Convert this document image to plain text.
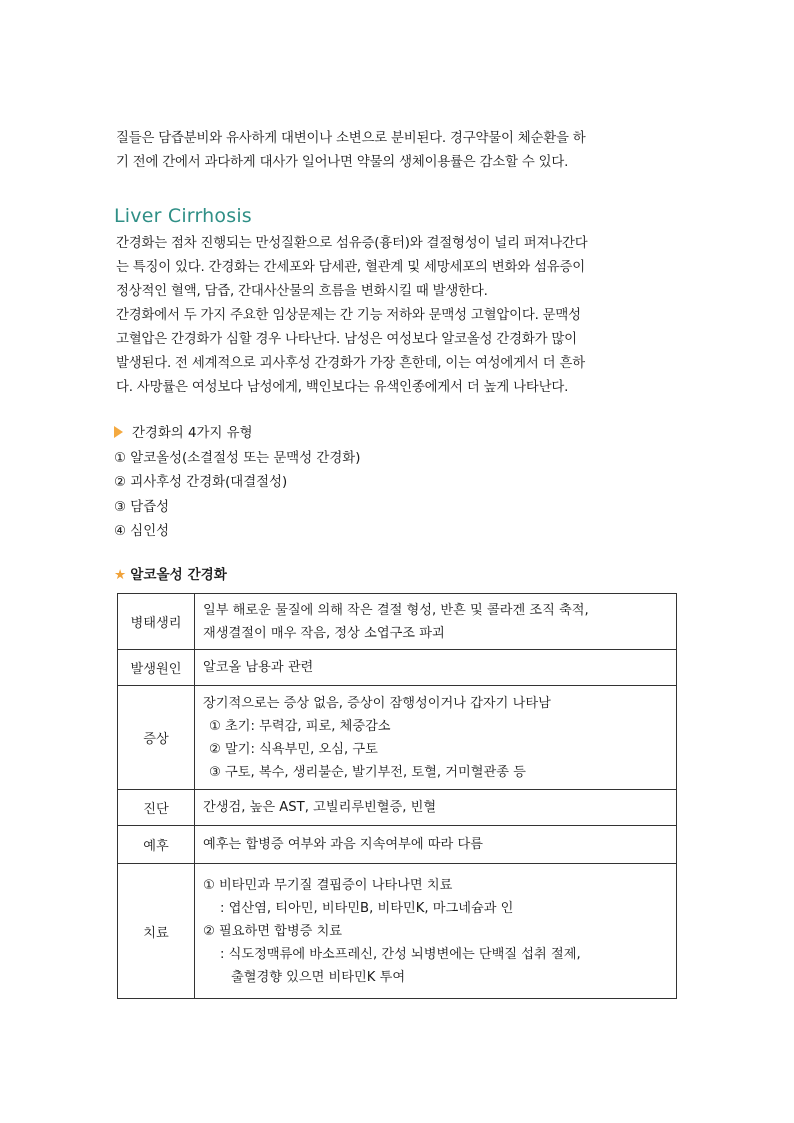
질들은 담즙분비와 유사하게 대변이나 소변으로 분비된다. 경구약물이 체순환을 하
기 전에 간에서 과다하게 대사가 일어나면 약물의 생체이용률은 감소할 수 있다.
Liver Cirrhosis
간경화는 점차 진행되는 만성질환으로 섬유증(흉터)와 결절형성이 널리 퍼져나간다
는 특징이 있다. 간경화는 간세포와 담세관, 혈관계 및 세망세포의 변화와 섬유증이
정상적인 혈액, 담즙, 간대사산물의 흐름을 변화시킬 때 발생한다.
간경화에서 두 가지 주요한 임상문제는 간 기능 저하와 문맥성 고혈압이다. 문맥성
고혈압은 간경화가 심할 경우 나타난다. 남성은 여성보다 알코올성 간경화가 많이
발생된다. 전 세계적으로 괴사후성 간경화가 가장 흔한데, 이는 여성에게서 더 흔하
다. 사망률은 여성보다 남성에게, 백인보다는 유색인종에게서 더 높게 나타난다.
간경화의 4가지 유형
① 알코올성(소결절성 또는 문맥성 간경화)
② 괴사후성 간경화(대결절성)
③ 담즙성
④ 심인성
★ 알코올성 간경화
병태생리	일부 해로운 물질에 의해 작은 결절 형성, 반흔 및 콜라겐 조직 축적,
재생결절이 매우 작음, 정상 소엽구조 파괴

발생원인	알코올 남용과 관련

증상	장기적으로는 증상 없음, 증상이 잠행성이거나 갑자기 나타남
① 초기: 무력감, 피로, 체중감소
② 말기: 식욕부민, 오심, 구토
③ 구토, 복수, 생리불순, 발기부전, 토혈, 거미혈관종 등

진단	간생검, 높은 AST, 고빌리루빈혈증, 빈혈

예후	예후는 합병증 여부와 과음 지속여부에 따라 다름

치료	① 비타민과 무기질 결핍증이 나타나면 치료
: 엽산염, 티아민, 비타민B, 비타민K, 마그네슘과 인
② 필요하면 합병증 치료
: 식도정맥류에 바소프레신, 간성 뇌병변에는 단백질 섭취 절제,
출혈경향 있으면 비타민K 투여
